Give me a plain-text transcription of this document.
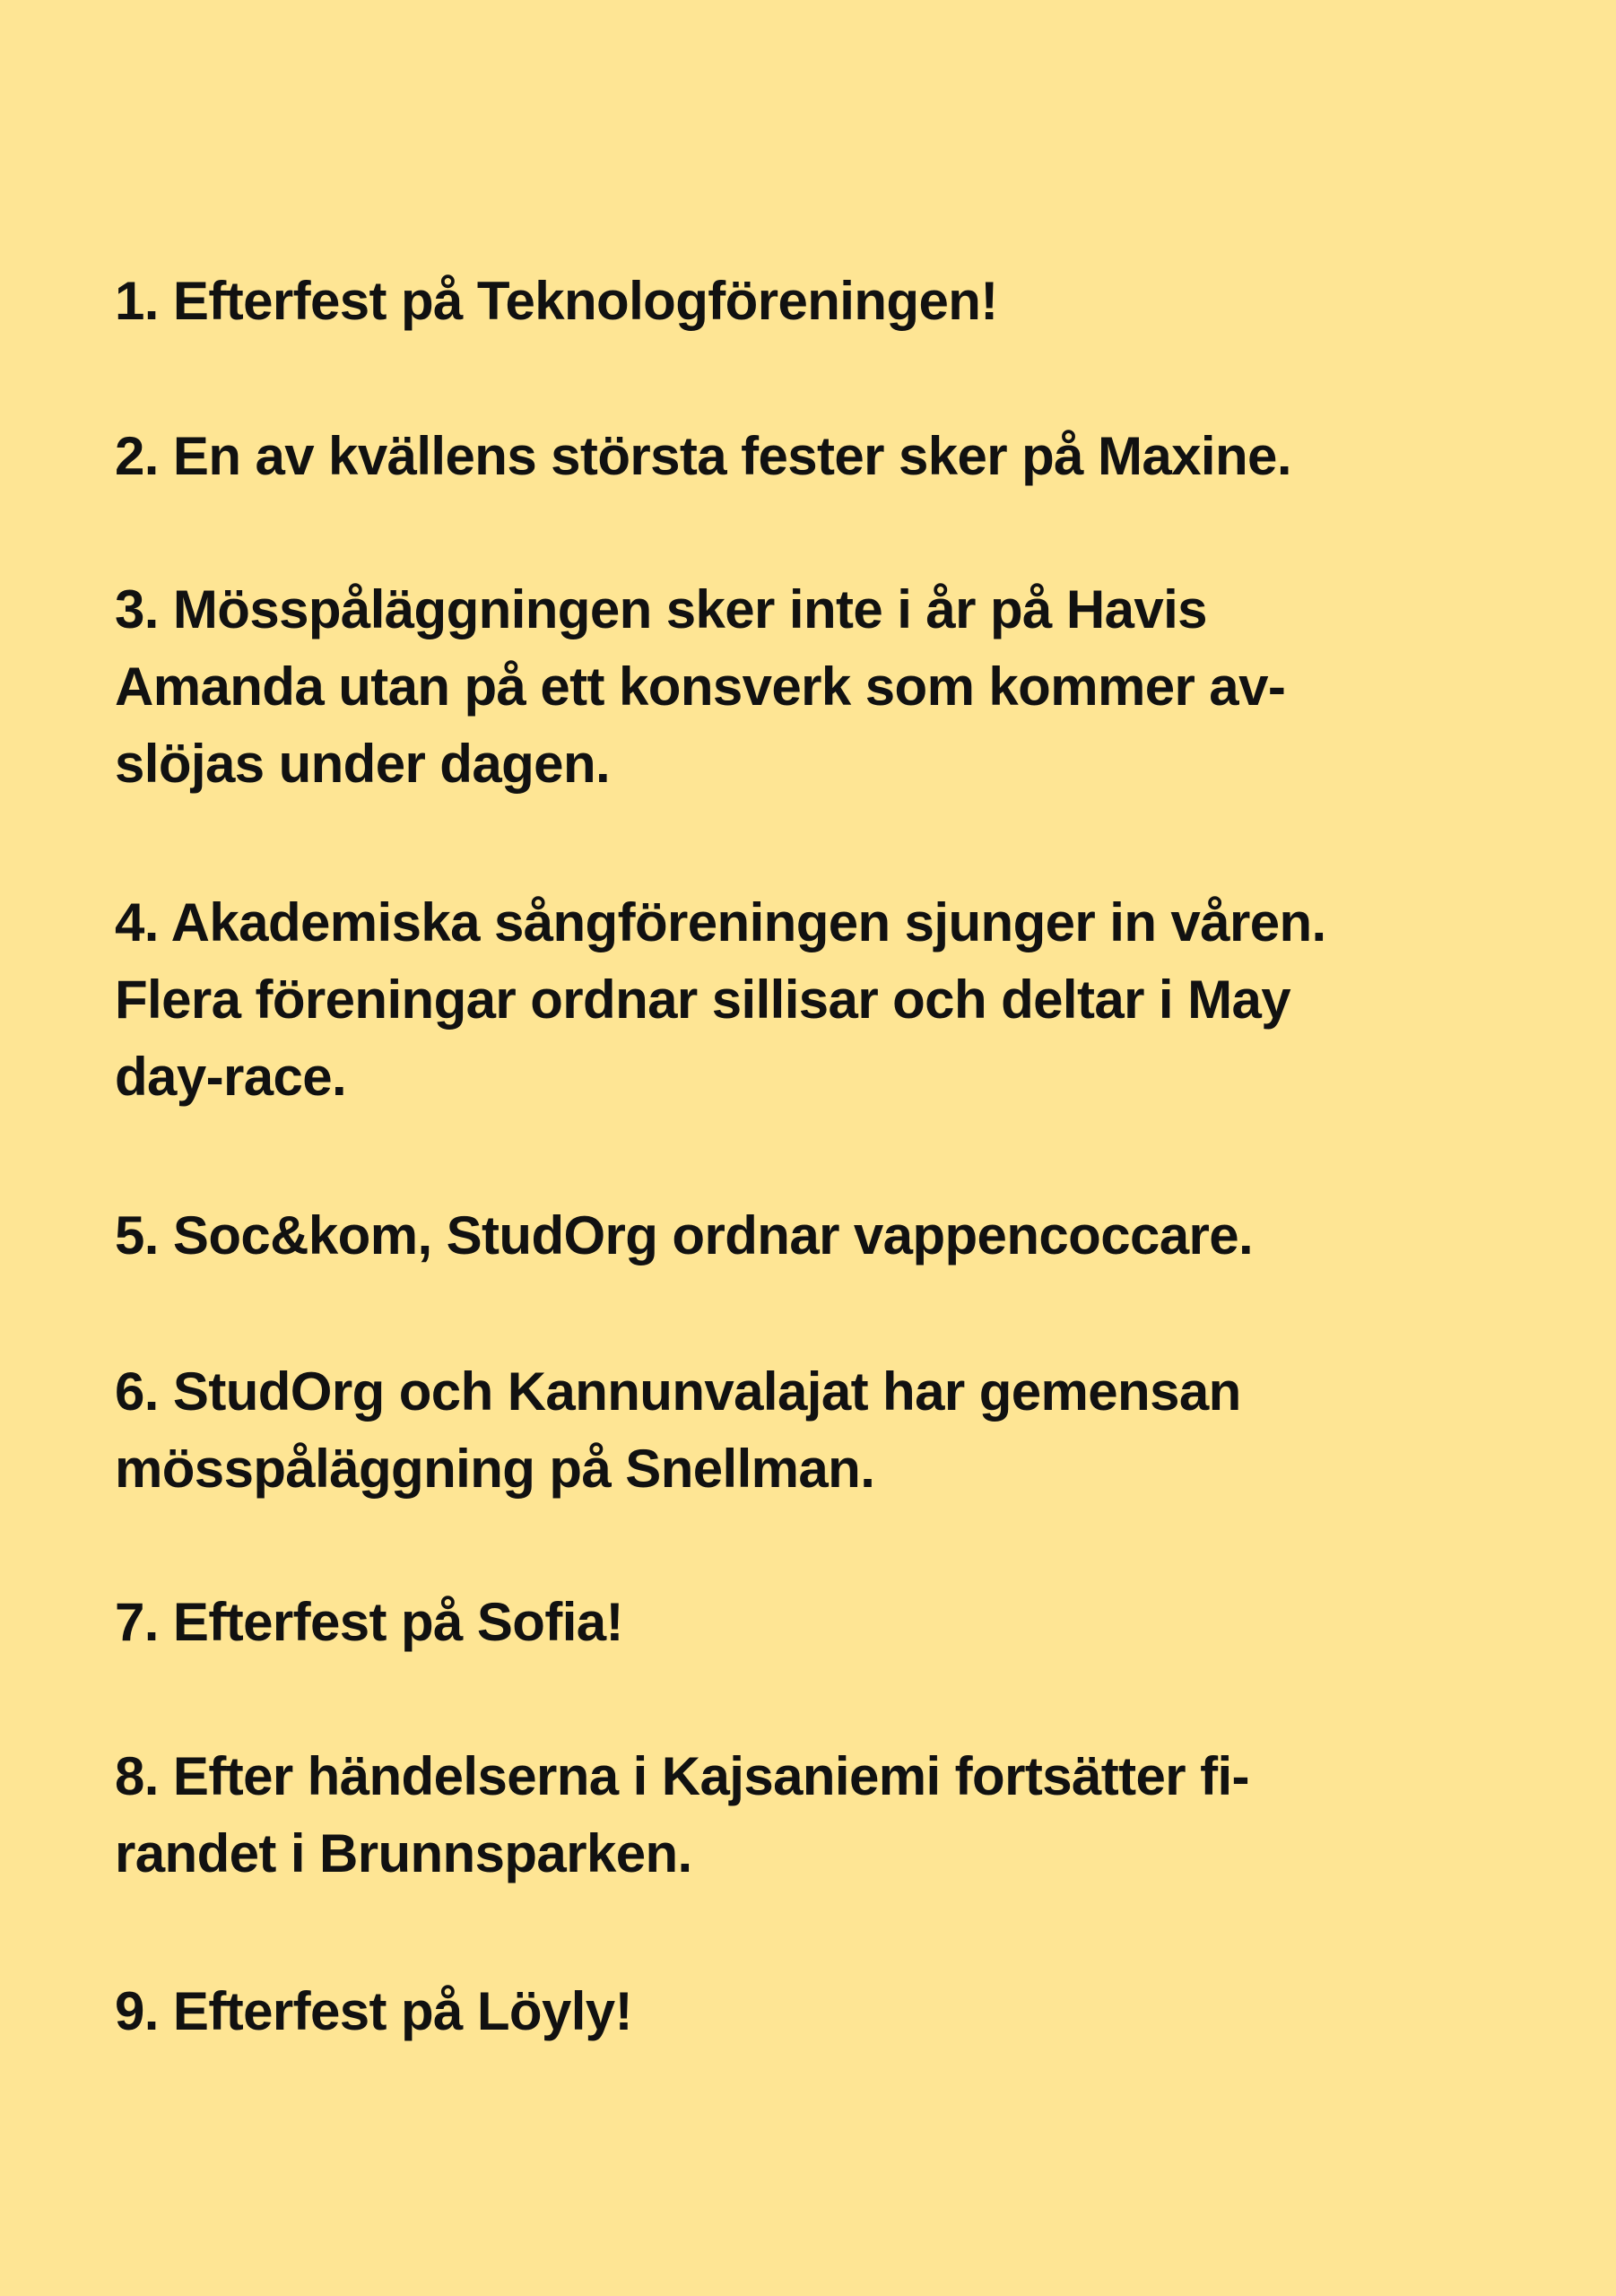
1. Efterfest på Teknologföreningen!
2. En av kvällens största fester sker på Maxine.
3. Mösspåläggningen sker inte i år på Havis
Amanda utan på ett konsverk som kommer av-
slöjas under dagen.
4. Akademiska sångföreningen sjunger in våren.
Flera föreningar ordnar sillisar och deltar i May
day-race.
5. Soc&kom, StudOrg ordnar vappencoccare.
6. StudOrg och Kannunvalajat har gemensan
mösspåläggning på Snellman.
7. Efterfest på Sofia!
8. Efter händelserna i Kajsaniemi fortsätter fi-
randet i Brunnsparken.
9. Efterfest på Löyly!
